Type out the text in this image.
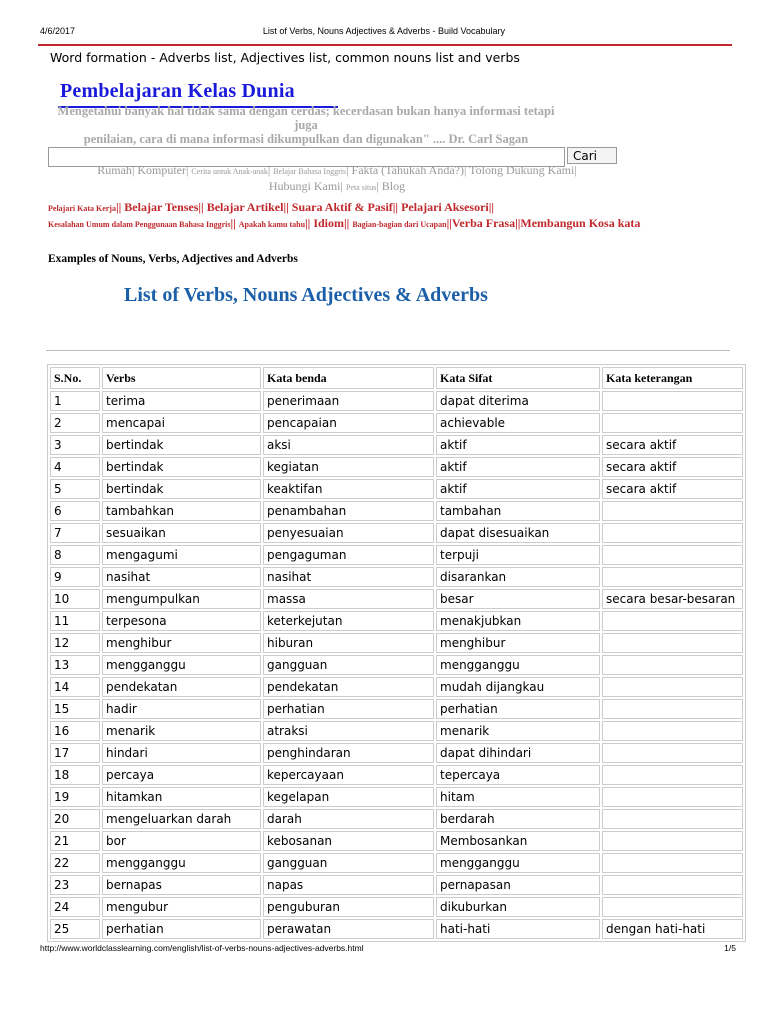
4/6/2017	List of Verbs, Nouns Adjectives & Adverbs - Build Vocabulary
Word formation - Adverbs list, Adjectives list, common nouns list and verbs
Pembelajaran Kelas Dunia
Mengetahui banyak hal tidak sama dengan cerdas; kecerdasan bukan hanya informasi tetapi juga
penilaian, cara di mana informasi dikumpulkan dan digunakan" .... Dr. Carl Sagan
Cari
Rumah| Komputer| Cerita untuk Anak-anak| Belajar Bahasa Inggris| Fakta (Tahukah Anda?)| Tolong Dukung Kami|
Hubungi Kami| Peta situs| Blog
Pelajari Kata Kerja|| Belajar Tenses|| Belajar Artikel|| Suara Aktif & Pasif|| Pelajari Aksesori||
Kesalahan Umum dalam Penggunaan Bahasa Inggris|| Apakah kamu tahu|| Idiom|| Bagian-bagian dari Ucapan||Verba Frasa||Membangun Kosa kata
Examples of Nouns, Verbs, Adjectives and Adverbs
List of Verbs, Nouns Adjectives & Adverbs
S.No.	Verbs	Kata benda	Kata Sifat	Kata keterangan
1	terima	penerimaan	dapat diterima	
2	mencapai	pencapaian	achievable	
3	bertindak	aksi	aktif	secara aktif
4	bertindak	kegiatan	aktif	secara aktif
5	bertindak	keaktifan	aktif	secara aktif
6	tambahkan	penambahan	tambahan	
7	sesuaikan	penyesuaian	dapat disesuaikan	
8	mengagumi	pengaguman	terpuji	
9	nasihat	nasihat	disarankan	
10	mengumpulkan	massa	besar	secara besar-besaran
11	terpesona	keterkejutan	menakjubkan	
12	menghibur	hiburan	menghibur	
13	mengganggu	gangguan	mengganggu	
14	pendekatan	pendekatan	mudah dijangkau	
15	hadir	perhatian	perhatian	
16	menarik	atraksi	menarik	
17	hindari	penghindaran	dapat dihindari	
18	percaya	kepercayaan	tepercaya	
19	hitamkan	kegelapan	hitam	
20	mengeluarkan darah	darah	berdarah	
21	bor	kebosanan	Membosankan	
22	mengganggu	gangguan	mengganggu	
23	bernapas	napas	pernapasan	
24	mengubur	penguburan	dikuburkan	
25	perhatian	perawatan	hati-hati	dengan hati-hati
http://www.worldclasslearning.com/english/list-of-verbs-nouns-adjectives-adverbs.html	1/5
